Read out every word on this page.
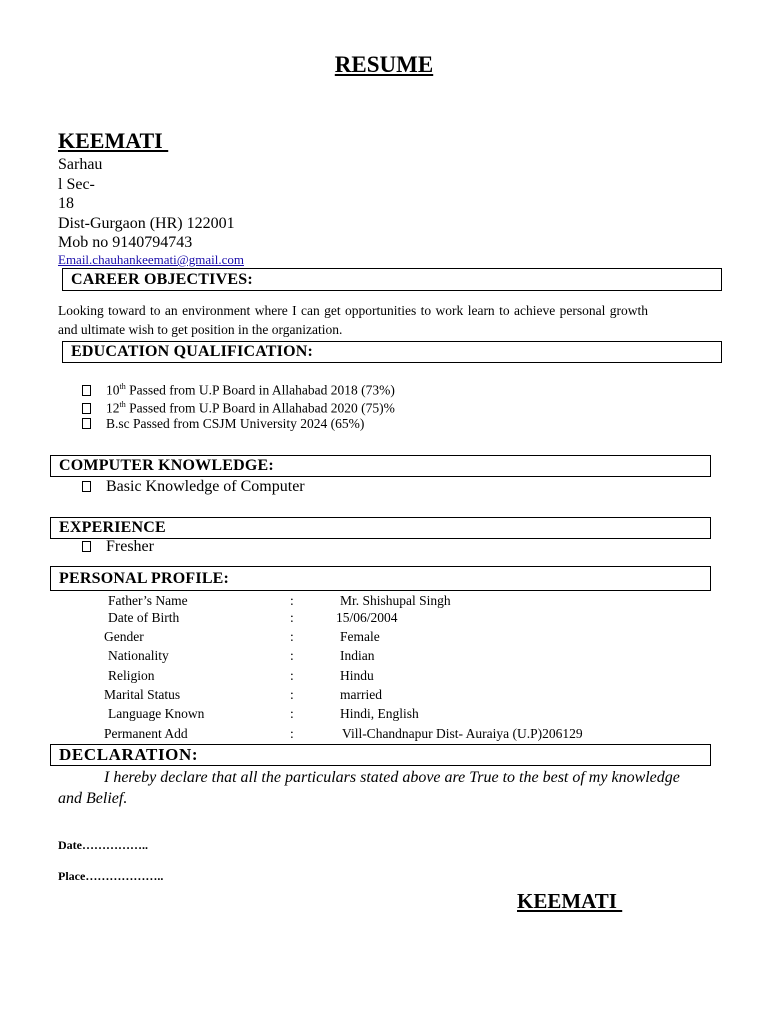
RESUME
KEEMATI
Sarhau
l Sec-
18
Dist-Gurgaon (HR) 122001
Mob no 9140794743
Email.chauhankeemati@gmail.com
CAREER OBJECTIVES:
Looking toward to an environment where I can get opportunities to work learn to achieve personal growth and ultimate wish to get position in the organization.
EDUCATION QUALIFICATION:
10th Passed from U.P Board in Allahabad 2018 (73%)
12th Passed from U.P Board in Allahabad 2020 (75)%
B.sc Passed from CSJM University 2024 (65%)
COMPUTER KNOWLEDGE:
Basic Knowledge of Computer
EXPERIENCE
Fresher
PERSONAL PROFILE:
Father’s Name	:	Mr. Shishupal Singh
Date of Birth	:	15/06/2004
Gender	:	Female
Nationality	:	Indian
Religion	:	Hindu
Marital Status	:	married
Language Known	:	Hindi, English
Permanent Add	:	Vill-Chandnapur Dist- Auraiya (U.P)206129
DECLARATION:
I hereby declare that all the particulars stated above are True to the best of my knowledge and Belief.
Date……………..
Place………………..
KEEMATI
